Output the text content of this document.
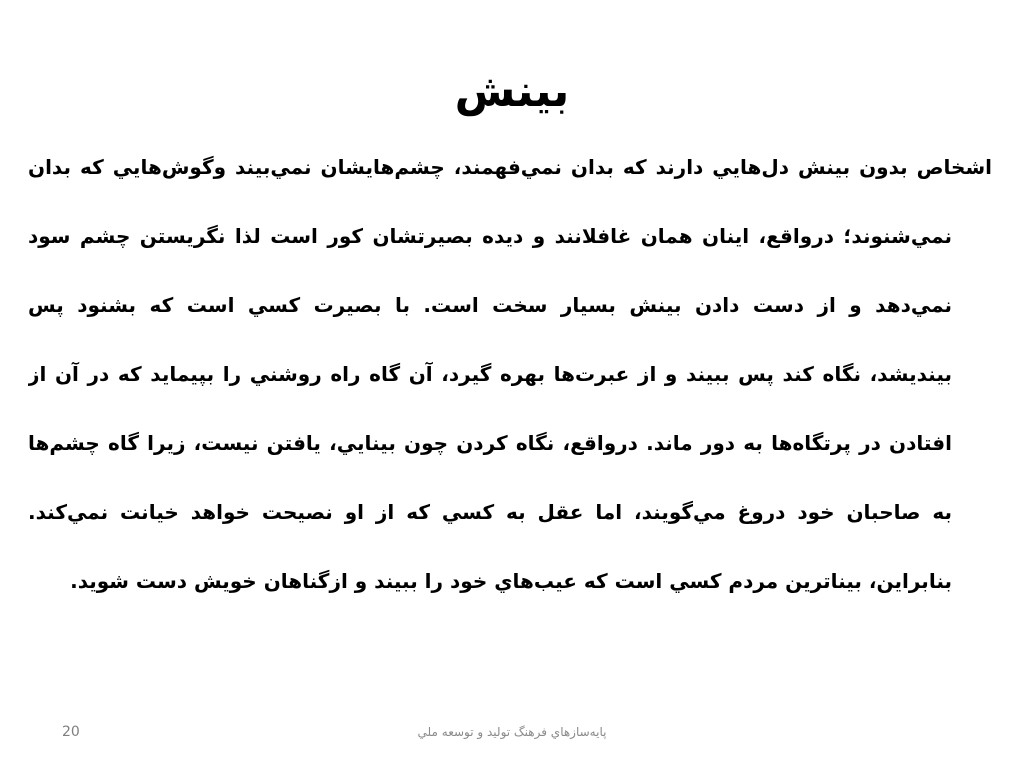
بينش
اشخاص بدون بينش دل‌هايي دارند كه بدان نمي‌فهمند، چشم‌هايشان نمي‌بيند وگوش‌هايي كه بدان
نمي‌شنوند؛ درواقع، اينان همان غافلانند و ديده بصيرتشان كور است لذا نگريستن چشم سود
نمي‌دهد و از دست دادن بينش بسيار سخت است. با بصيرت كسي است كه بشنود پس
بينديشد، نگاه كند پس ببيند و از عبرت‌ها بهره گيرد، آن گاه راه روشني را بپيمايد كه در آن از
افتادن در پرتگاه‌ها به دور ماند. درواقع، نگاه كردن چون بينايي، يافتن نيست، زيرا گاه چشم‌ها
به صاحبان خود دروغ مي‌گويند، اما عقل به كسي كه از او نصيحت خواهد خيانت نمي‌كند.
بنابراين، بيناترين مردم كسي است كه عيب‌هاي خود را ببيند و ازگناهان خويش دست شويد.
20	پايه‌سازهاي فرهنگ توليد و توسعه ملي
